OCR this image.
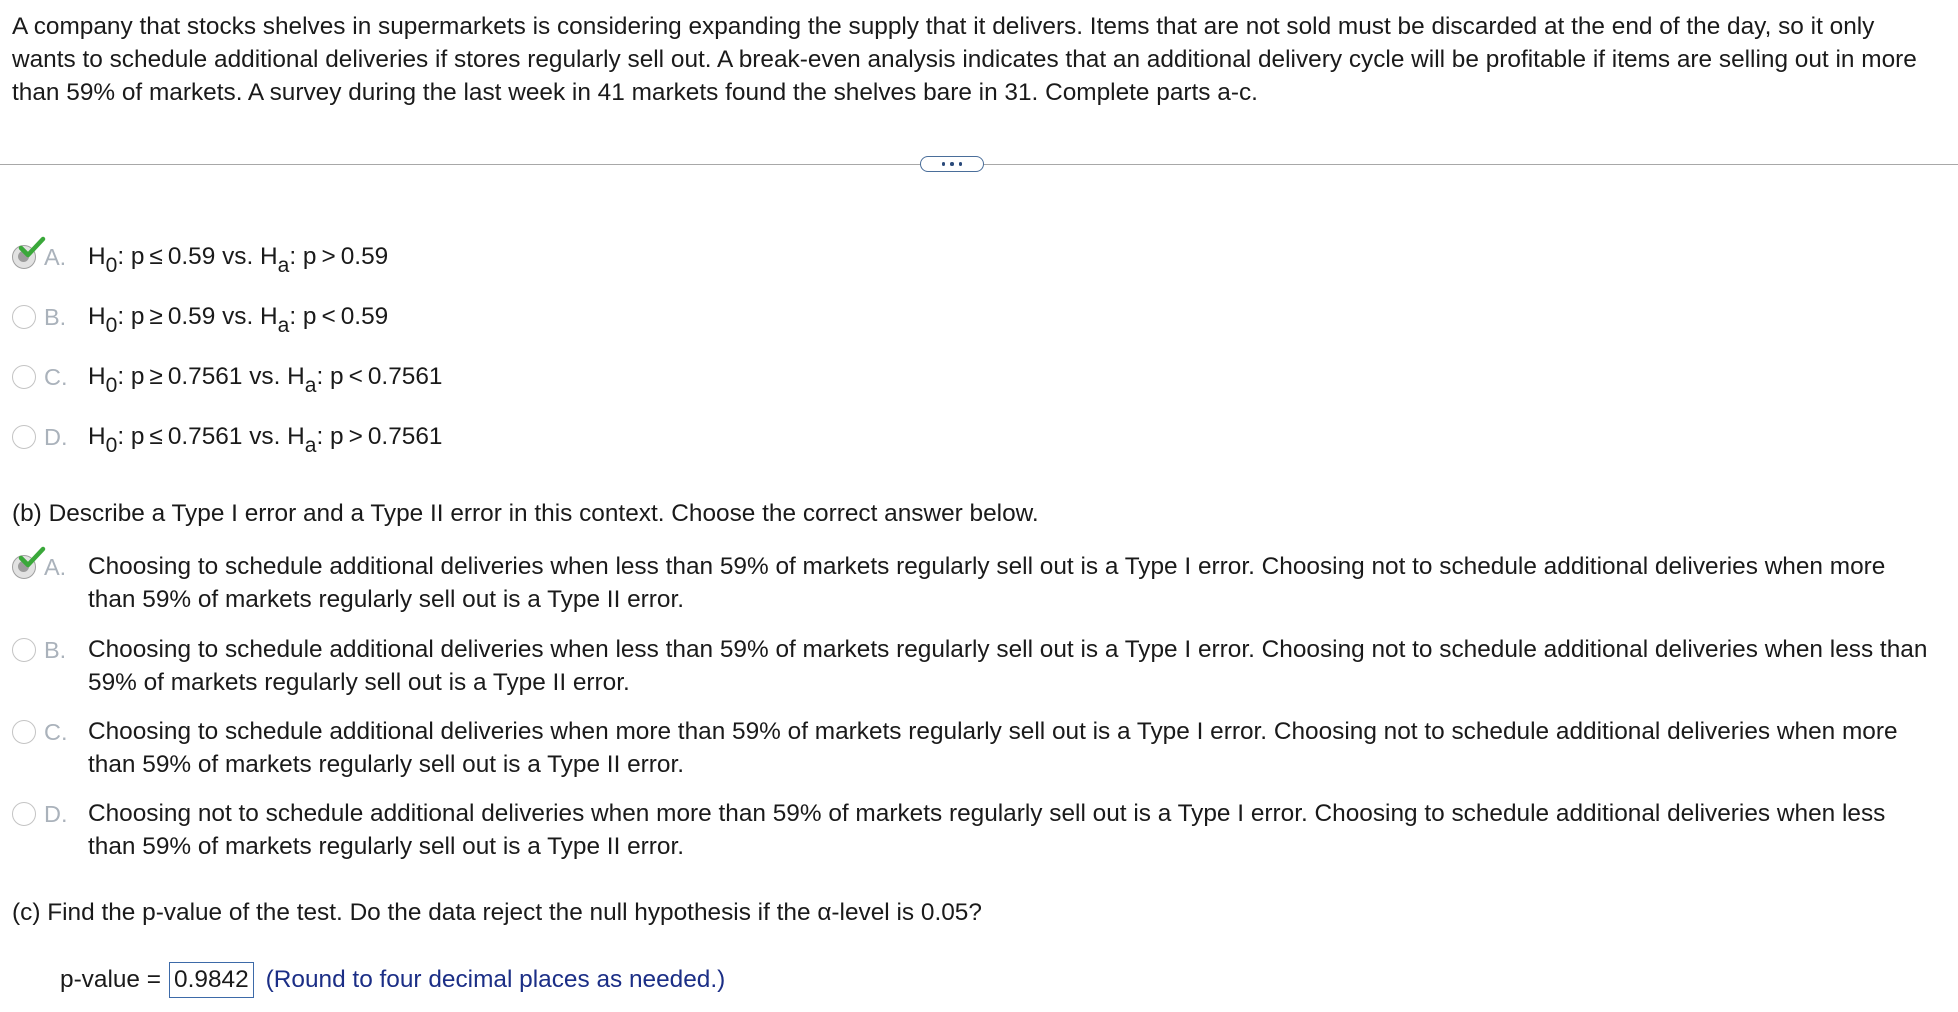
A company that stocks shelves in supermarkets is considering expanding the supply that it delivers. Items that are not sold must be discarded at the end of the day, so it only wants to schedule additional deliveries if stores regularly sell out. A break-even analysis indicates that an additional delivery cycle will be profitable if items are selling out in more than 59% of markets. A survey during the last week in 41 markets found the shelves bare in 31. Complete parts a-c.

A. $H_0$: p ≤ 0.59 vs. $H_a$: p > 0.59
B. $H_0$: p ≥ 0.59 vs. $H_a$: p < 0.59
C. $H_0$: p ≥ 0.7561 vs. $H_a$: p < 0.7561
D. $H_0$: p ≤ 0.7561 vs. $H_a$: p > 0.7561

(b) Describe a Type I error and a Type II error in this context. Choose the correct answer below.

A. Choosing to schedule additional deliveries when less than 59% of markets regularly sell out is a Type I error. Choosing not to schedule additional deliveries when more than 59% of markets regularly sell out is a Type II error.
B. Choosing to schedule additional deliveries when less than 59% of markets regularly sell out is a Type I error. Choosing not to schedule additional deliveries when less than 59% of markets regularly sell out is a Type II error.
C. Choosing to schedule additional deliveries when more than 59% of markets regularly sell out is a Type I error. Choosing not to schedule additional deliveries when more than 59% of markets regularly sell out is a Type II error.
D. Choosing not to schedule additional deliveries when more than 59% of markets regularly sell out is a Type I error. Choosing to schedule additional deliveries when less than 59% of markets regularly sell out is a Type II error.

(c) Find the p-value of the test. Do the data reject the null hypothesis if the α-level is 0.05?

p-value = 0.9842 (Round to four decimal places as needed.)
